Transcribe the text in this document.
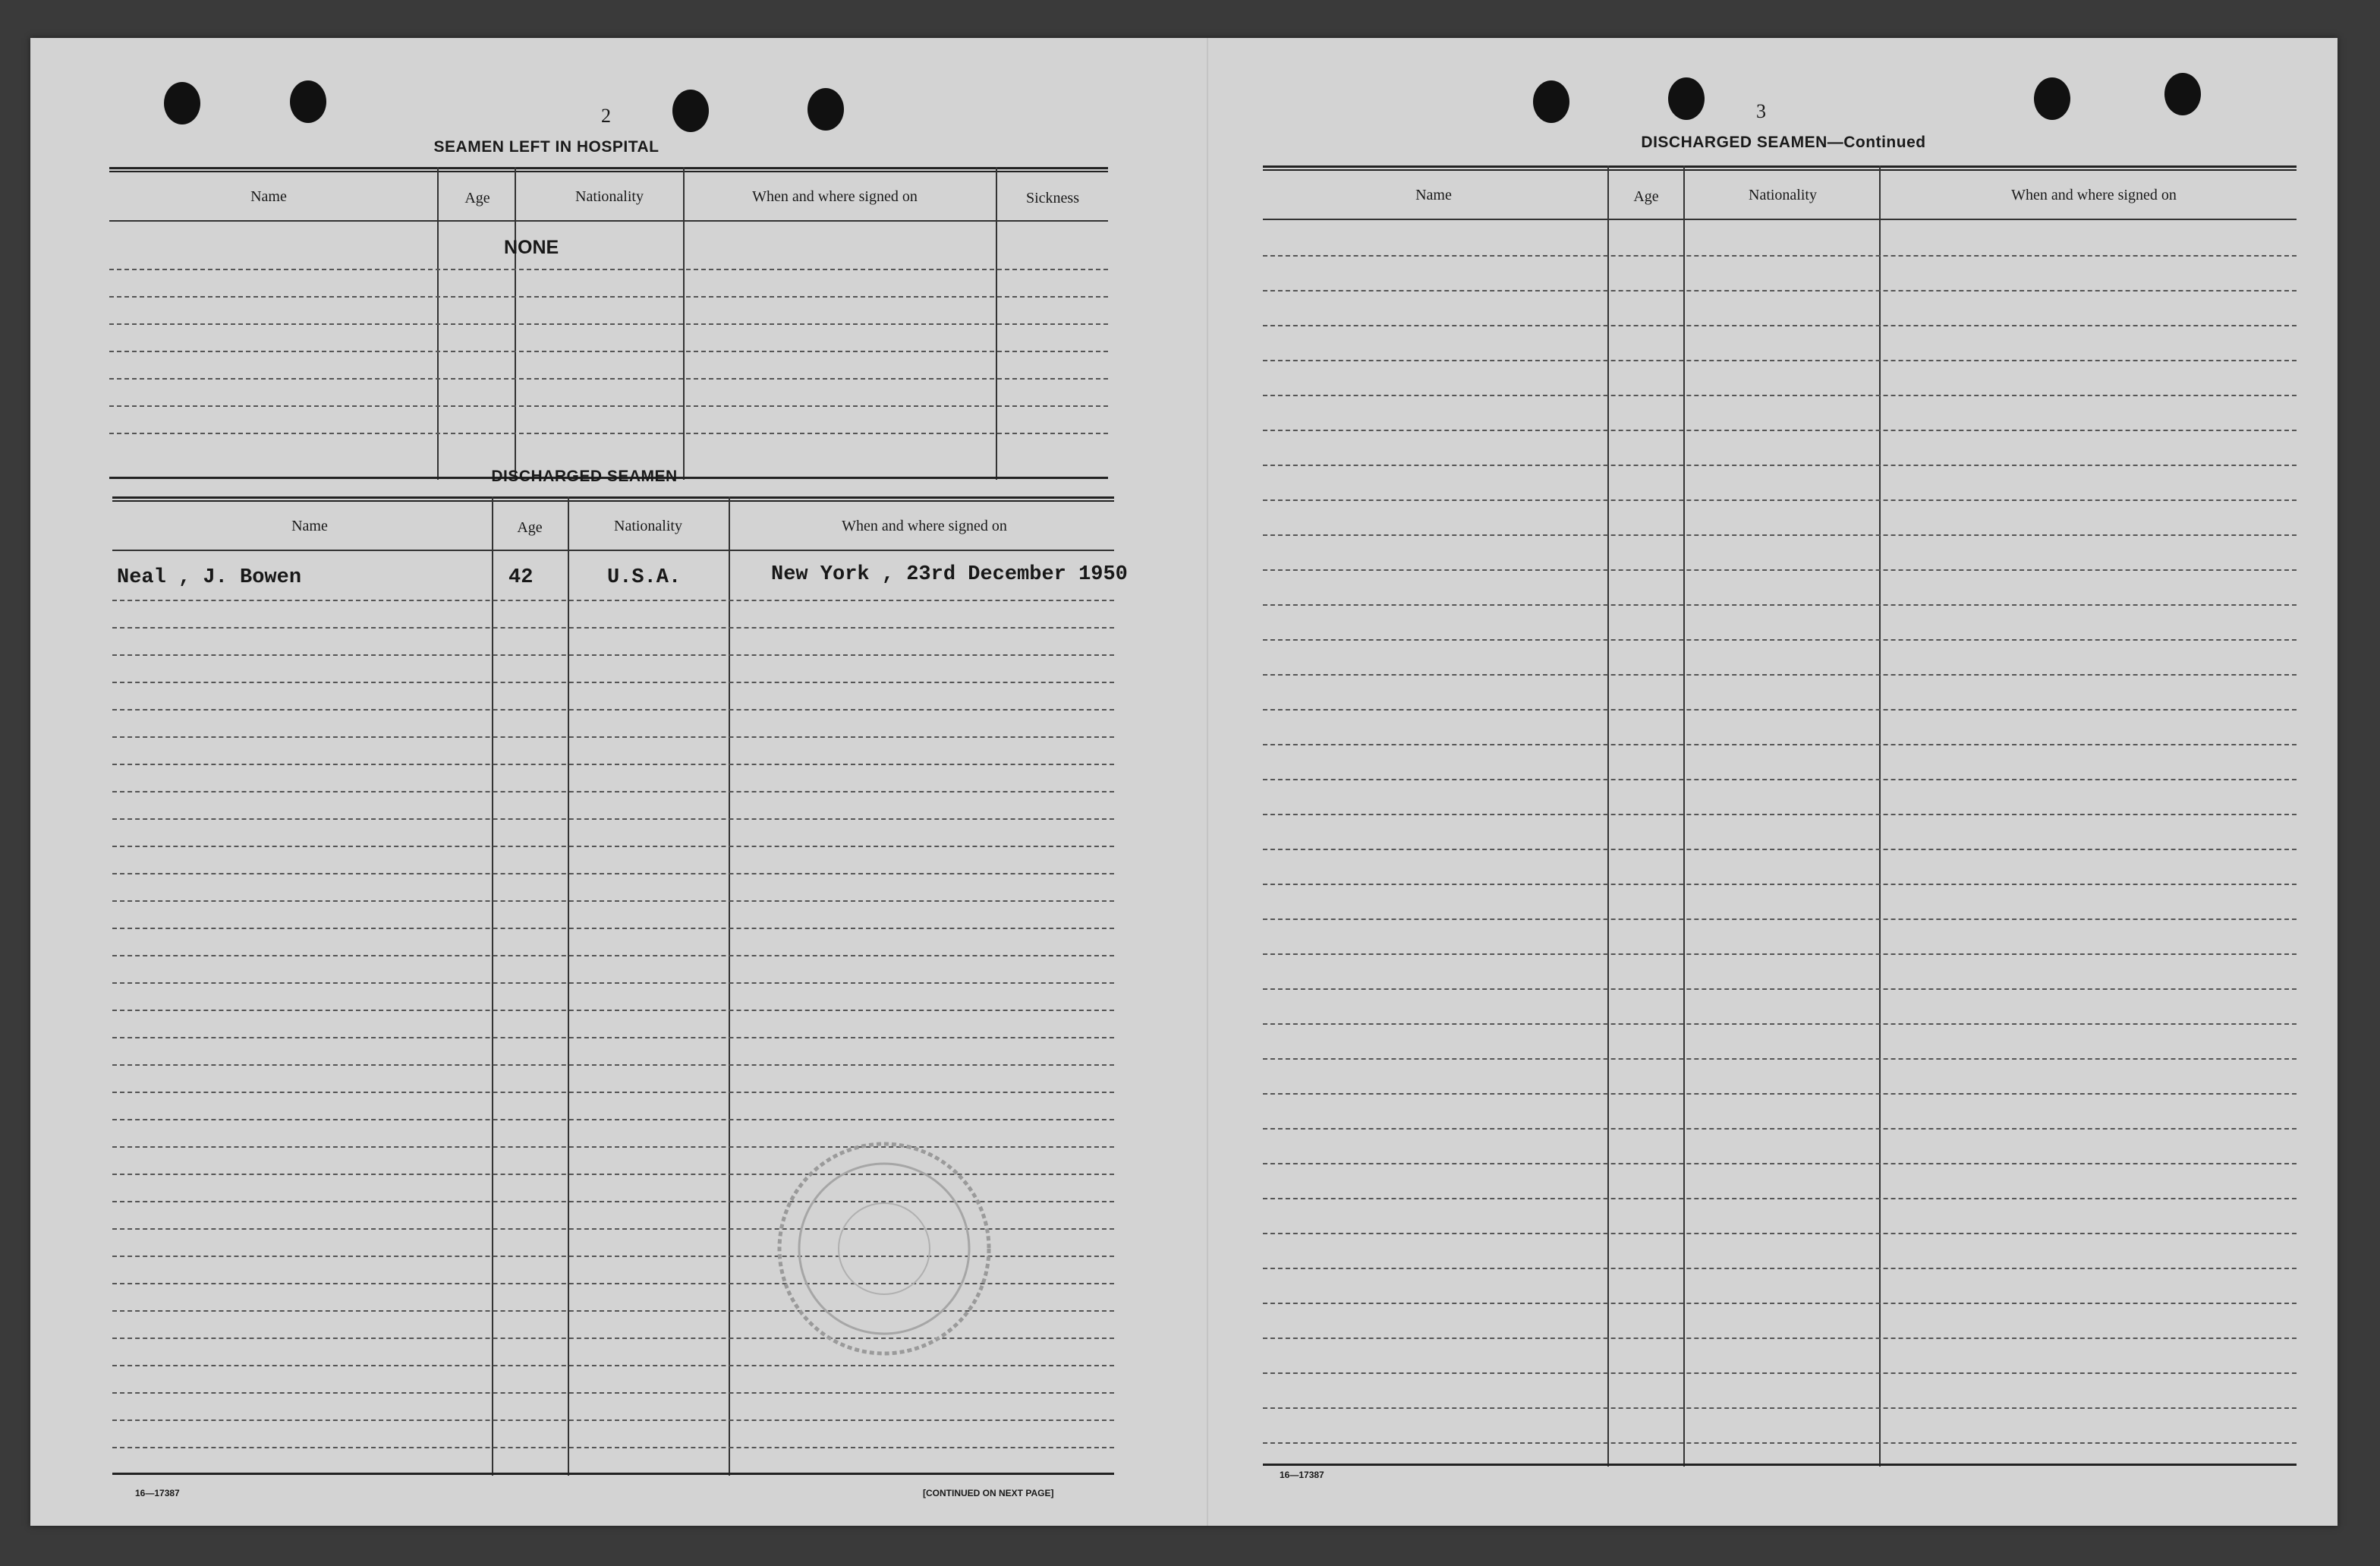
2	3
SEAMEN LEFT IN HOSPITAL
Name	Age	Nationality	When and where signed on	Sickness
NONE
DISCHARGED SEAMEN
Name	Age	Nationality	When and where signed on
Neal , J. Bowen	42	U.S.A.	New York , 23rd December 1950
16—17387	[CONTINUED ON NEXT PAGE]
DISCHARGED SEAMEN—Continued
Name	Age	Nationality	When and where signed on
16—17387
